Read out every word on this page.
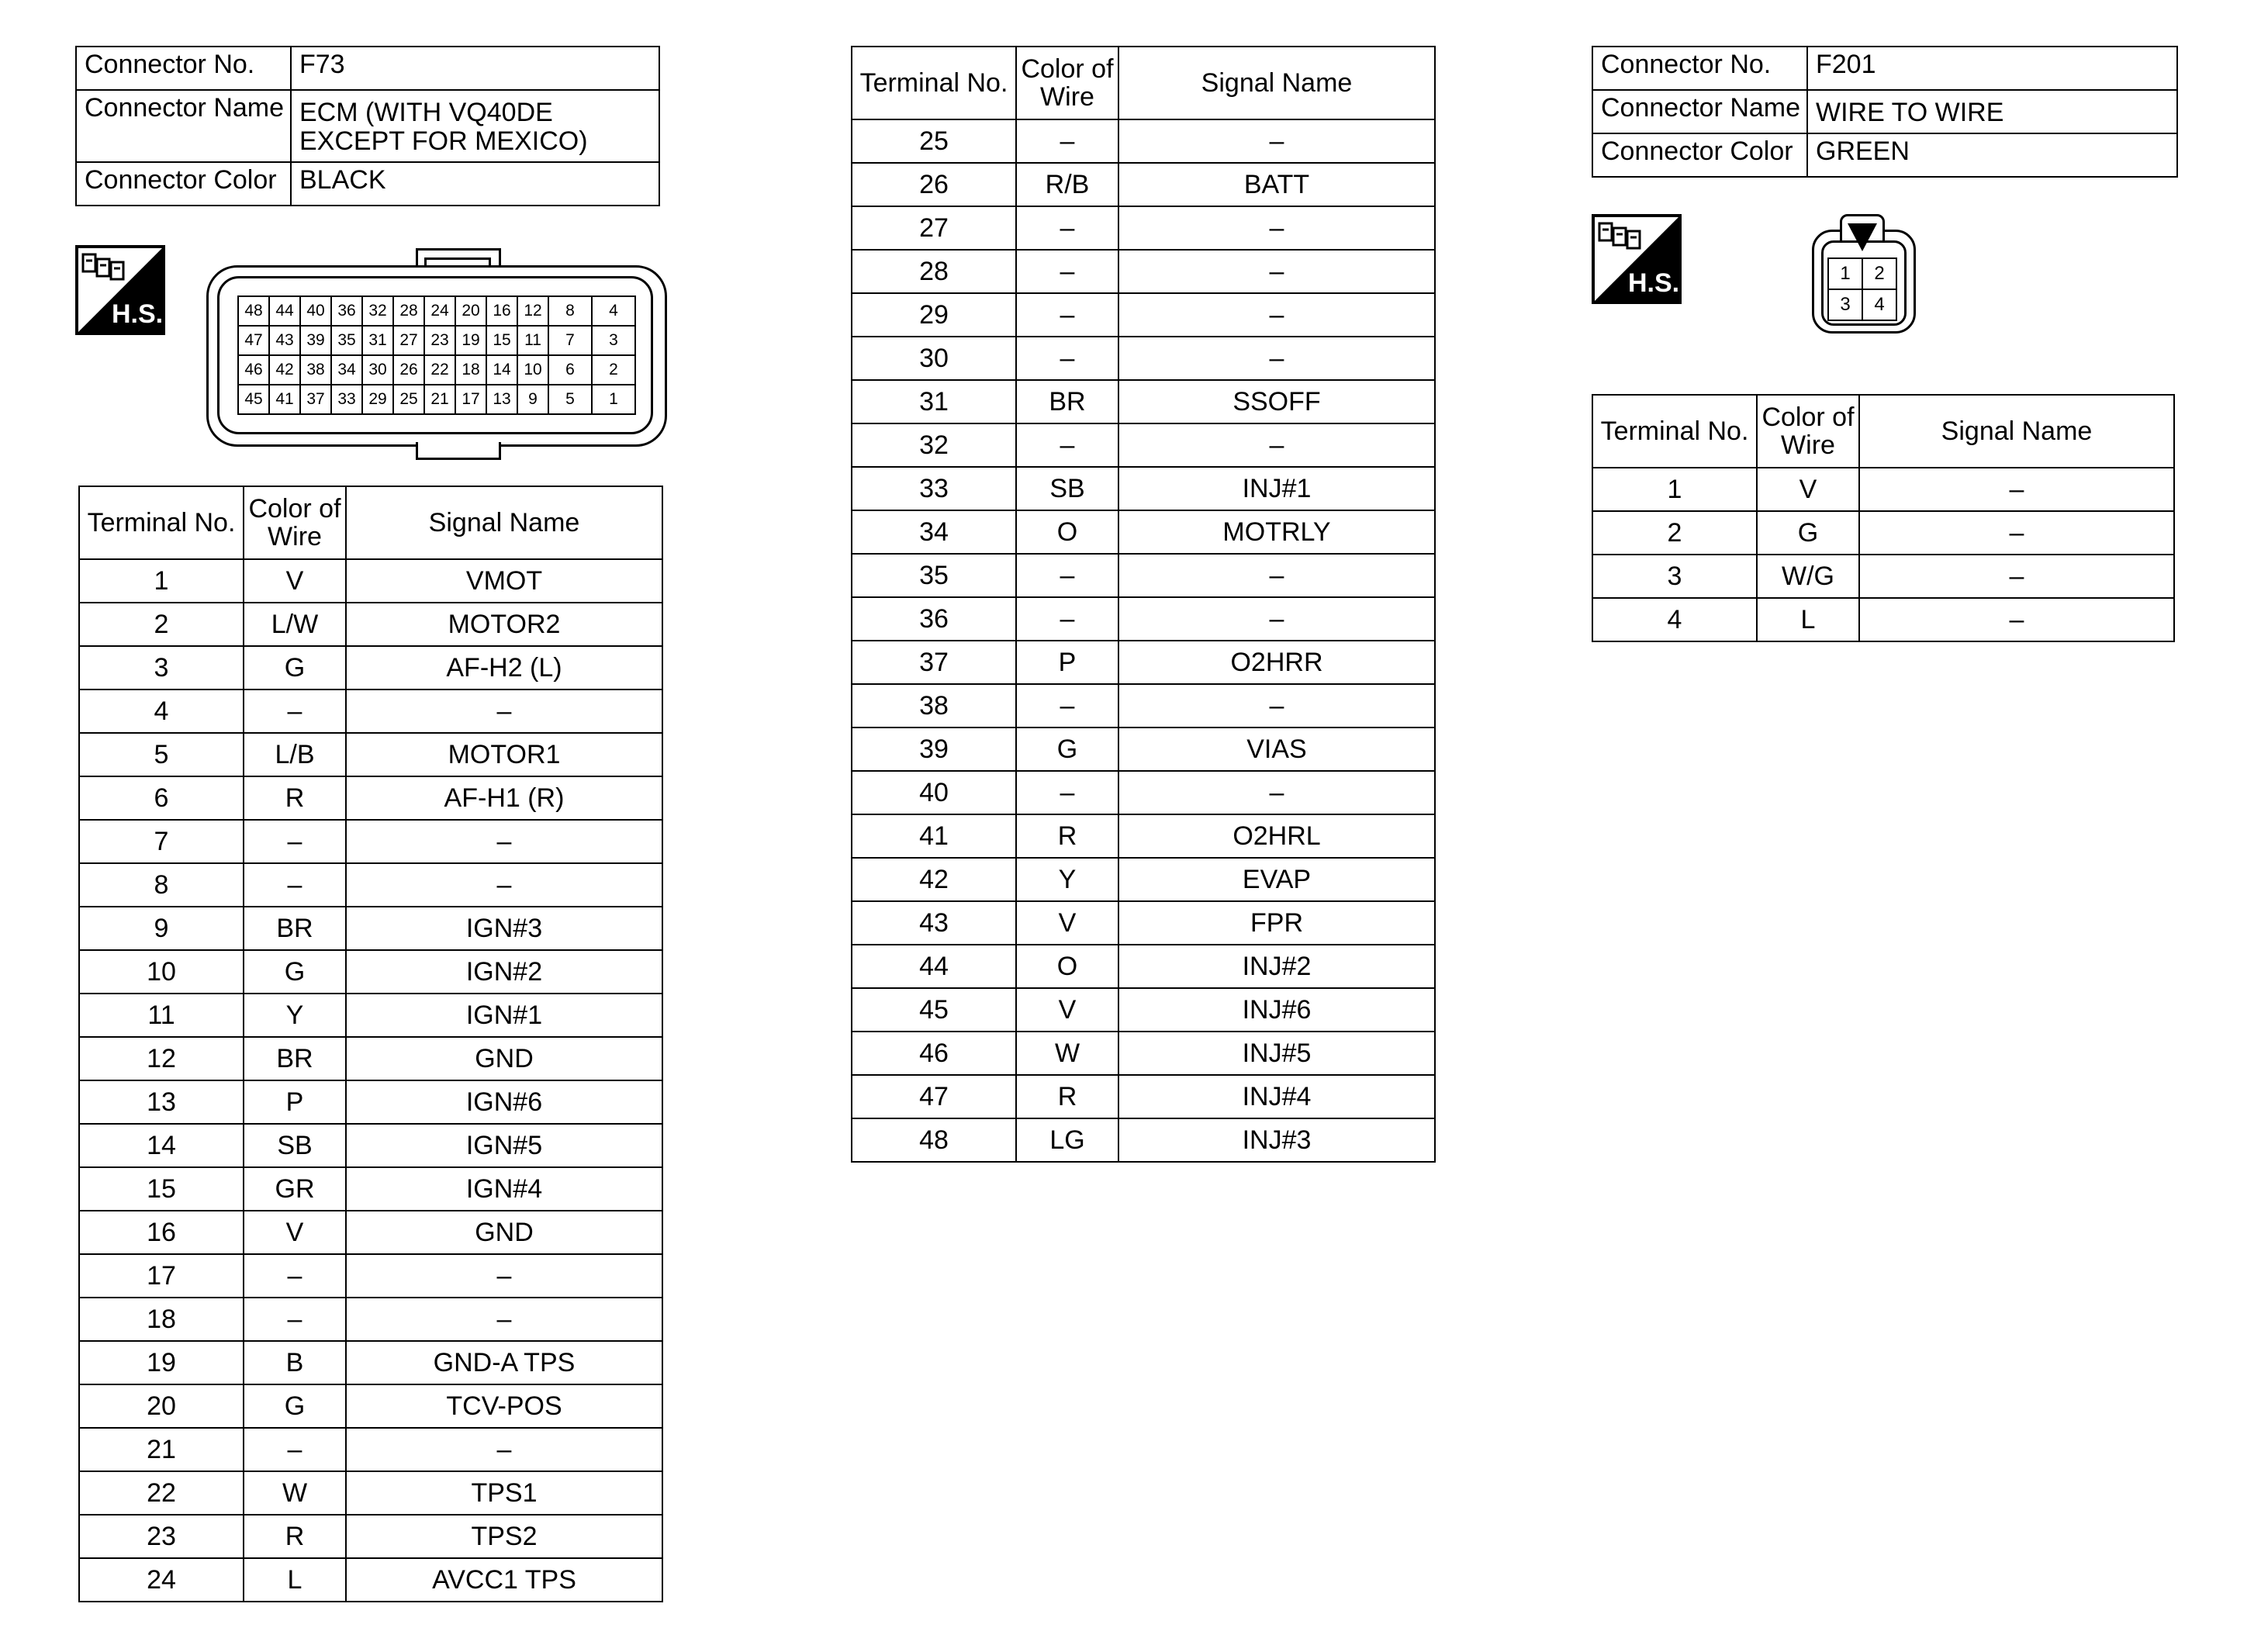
Connector No.	F73
Connector Name	ECM (WITH VQ40DE
EXCEPT FOR MEXICO)

Connector Color	BLACK
H.S.	48	44	40	36	32	28	24	20	16	12	8	4
47	43	39	35	31	27	23	19	15	11	7	3
46	42	38	34	30	26	22	18	14	10	6	2
45	41	37	33	29	25	21	17	13	9	5	1
Terminal No.	Color of
Wire	Signal Name
1	V	VMOT
2	L/W	MOTOR2
3	G	AF-H2 (L)
4	–	–
5	L/B	MOTOR1
6	R	AF-H1 (R)
7	–	–
8	–	–
9	BR	IGN#3
10	G	IGN#2
11	Y	IGN#1
12	BR	GND
13	P	IGN#6
14	SB	IGN#5
15	GR	IGN#4
16	V	GND
17	–	–
18	–	–
19	B	GND-A TPS
20	G	TCV-POS
21	–	–
22	W	TPS1
23	R	TPS2
24	L	AVCC1 TPS
Terminal No.	Color of
Wire	Signal Name
25	–	–
26	R/B	BATT
27	–	–
28	–	–
29	–	–
30	–	–
31	BR	SSOFF
32	–	–
33	SB	INJ#1
34	O	MOTRLY
35	–	–
36	–	–
37	P	O2HRR
38	–	–
39	G	VIAS
40	–	–
41	R	O2HRL
42	Y	EVAP
43	V	FPR
44	O	INJ#2
45	V	INJ#6
46	W	INJ#5
47	R	INJ#4
48	LG	INJ#3
Connector No.	F201
Connector Name	WIRE TO WIRE
Connector Color	GREEN
H.S.	1	2
3	4
Terminal No.	Color of
Wire	Signal Name
1	V	–
2	G	–
3	W/G	–
4	L	–
